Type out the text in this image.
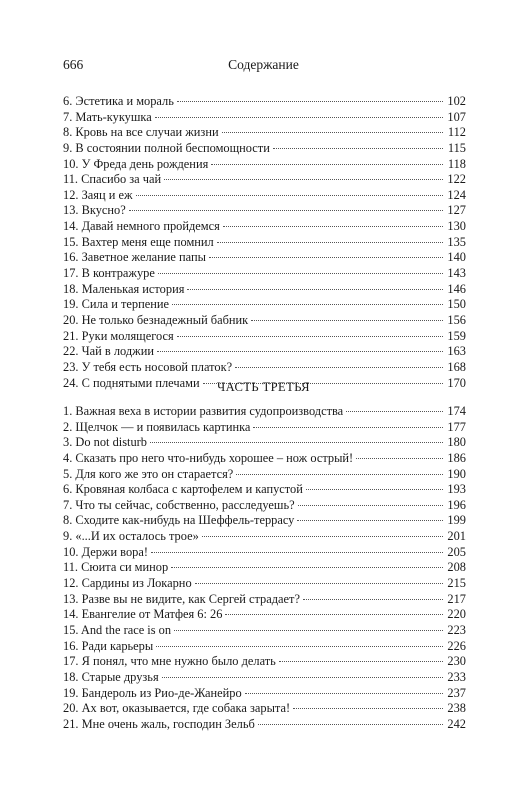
666	Содержание
6. Эстетика и мораль	102
7. Мать-кукушка	107
8. Кровь на все случаи жизни	112
9. В состоянии полной беспомощности	115
10. У Фреда день рождения	118
11. Спасибо за чай	122
12. Заяц и еж	124
13. Вкусно?	127
14. Давай немного пройдемся	130
15. Вахтер меня еще помнил	135
16. Заветное желание папы	140
17. В контражуре	143
18. Маленькая история	146
19. Сила и терпение	150
20. Не только безнадежный бабник	156
21. Руки молящегося	159
22. Чай в лоджии	163
23. У тебя есть носовой платок?	168
24. С поднятыми плечами	170
ЧАСТЬ ТРЕТЬЯ
1. Важная веха в истории развития судопроизводства	174
2. Щелчок — и появилась картинка	177
3. Do not disturb	180
4. Сказать про него что-нибудь хорошее – нож острый!	186
5. Для кого же это он старается?	190
6. Кровяная колбаса с картофелем и капустой	193
7. Что ты сейчас, собственно, расследуешь?	196
8. Сходите как-нибудь на Шеффель-террасу	199
9. «...И их осталось трое»	201
10. Держи вора!	205
11. Сюита си минор	208
12. Сардины из Локарно	215
13. Разве вы не видите, как Сергей страдает?	217
14. Евангелие от Матфея 6: 26	220
15. And the race is on	223
16. Ради карьеры	226
17. Я понял, что мне нужно было делать	230
18. Старые друзья	233
19. Бандероль из Рио-де-Жанейро	237
20. Ах вот, оказывается, где собака зарыта!	238
21. Мне очень жаль, господин Зельб	242
